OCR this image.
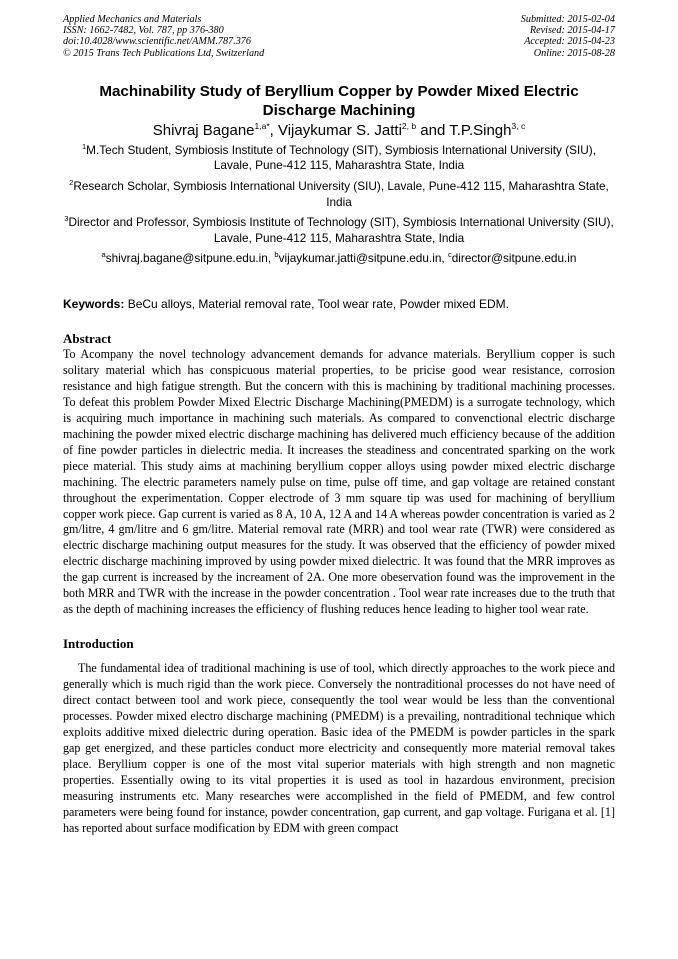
Applied Mechanics and Materials
ISSN: 1662-7482, Vol. 787, pp 376-380
doi:10.4028/www.scientific.net/AMM.787.376
© 2015 Trans Tech Publications Ltd, Switzerland
Submitted: 2015-02-04
Revised: 2015-04-17
Accepted: 2015-04-23
Online: 2015-08-28
Machinability Study of Beryllium Copper by Powder Mixed Electric Discharge Machining
Shivraj Bagane$^{1,a*}$, Vijaykumar S. Jatti$^{2, b}$ and T.P.Singh$^{3, c}$
$^1$M.Tech Student, Symbiosis Institute of Technology (SIT), Symbiosis International University (SIU), Lavale, Pune-412 115, Maharashtra State, India
$^2$Research Scholar, Symbiosis International University (SIU), Lavale, Pune-412 115, Maharashtra State, India
$^3$Director and Professor, Symbiosis Institute of Technology (SIT), Symbiosis International University (SIU), Lavale, Pune-412 115, Maharashtra State, India
$^a$shivraj.bagane@sitpune.edu.in, $^b$vijaykumar.jatti@sitpune.edu.in, $^c$director@sitpune.edu.in
Keywords: BeCu alloys, Material removal rate, Tool wear rate, Powder mixed EDM.
Abstract

To Acompany the novel technology advancement demands for advance materials. Beryllium copper is such solitary material which has conspicuous material properties, to be pricise good wear resistance, corrosion resistance and high fatigue strength. But the concern with this is machining by traditional machining processes. To defeat this problem Powder Mixed Electric Discharge Machining(PMEDM) is a surrogate technology, which is acquiring much importance in machining such materials. As compared to convenctional electric discharge machining the powder mixed electric discharge machining has delivered much efficiency because of the addition of fine powder particles in dielectric media. It increases the steadiness and concentrated sparking on the work piece material. This study aims at machining beryllium copper alloys using powder mixed electric discharge machining. The electric parameters namely pulse on time, pulse off time, and gap voltage are retained constant throughout the experimentation. Copper electrode of 3 mm square tip was used for machining of beryllium copper work piece. Gap current is varied as 8 A, 10 A, 12 A and 14 A whereas powder concentration is varied as 2 gm/litre, 4 gm/litre and 6 gm/litre. Material removal rate (MRR) and tool wear rate (TWR) were considered as electric discharge machining output measures for the study. It was observed that the efficiency of powder mixed electric discharge machining improved by using powder mixed dielectric. It was found that the MRR improves as the gap current is increased by the increament of 2A. One more obeservation found was the improvement in the both MRR and TWR with the increase in the powder concentration . Tool wear rate increases due to the truth that as the depth of machining increases the efficiency of flushing reduces hence leading to higher tool wear rate.

Introduction

The fundamental idea of traditional machining is use of tool, which directly approaches to the work piece and generally which is much rigid than the work piece. Conversely the nontraditional processes do not have need of direct contact between tool and work piece, consequently the tool wear would be less than the conventional processes. Powder mixed electro discharge machining (PMEDM) is a prevailing, nontraditional technique which exploits additive mixed dielectric during operation. Basic idea of the PMEDM is powder particles in the spark gap get energized, and these particles conduct more electricity and consequently more material removal takes place. Beryllium copper is one of the most vital superior materials with high strength and non magnetic properties. Essentially owing to its vital properties it is used as tool in hazardous environment, precision measuring instruments etc. Many researches were accomplished in the field of PMEDM, and few control parameters were being found for instance, powder concentration, gap current, and gap voltage. Furigana et al. [1] has reported about surface modification by EDM with green compact
